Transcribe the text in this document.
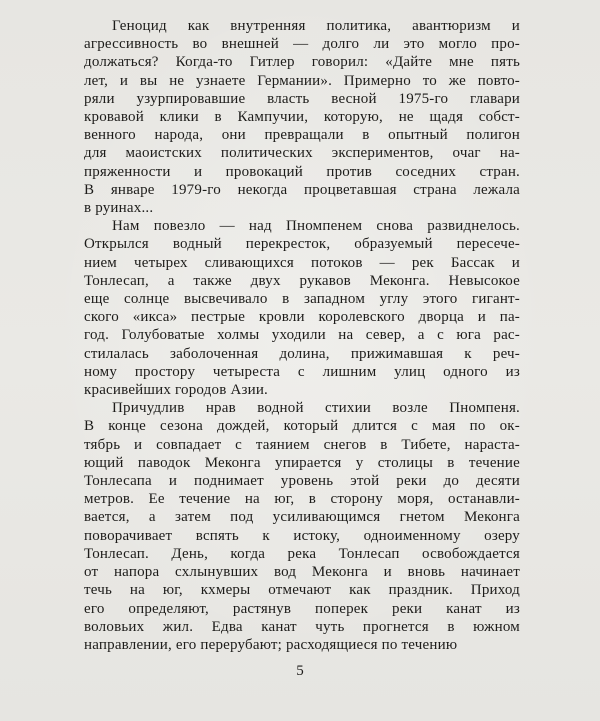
Геноцид как внутренняя политика, авантюризм и
агрессивность во внешней — долго ли это могло про-
должаться? Когда-то Гитлер говорил: «Дайте мне пять
лет, и вы не узнаете Германии». Примерно то же повто-
ряли узурпировавшие власть весной 1975-го главари
кровавой клики в Кампучии, которую, не щадя собст-
венного народа, они превращали в опытный полигон
для маоистских политических экспериментов, очаг на-
пряженности и провокаций против соседних стран.
В январе 1979-го некогда процветавшая страна лежала
в руинах...

Нам повезло — над Пномпенем снова развиднелось.
Открылся водный перекресток, образуемый пересече-
нием четырех сливающихся потоков — рек Бассак и
Тонлесап, а также двух рукавов Меконга. Невысокое
еще солнце высвечивало в западном углу этого гигант-
ского «икса» пестрые кровли королевского дворца и па-
год. Голубоватые холмы уходили на север, а с юга рас-
стилалась заболоченная долина, прижимавшая к реч-
ному простору четыреста с лишним улиц одного из
красивейших городов Азии.

Причудлив нрав водной стихии возле Пномпеня.
В конце сезона дождей, который длится с мая по ок-
тябрь и совпадает с таянием снегов в Тибете, нараста-
ющий паводок Меконга упирается у столицы в течение
Тонлесапа и поднимает уровень этой реки до десяти
метров. Ее течение на юг, в сторону моря, останавли-
вается, а затем под усиливающимся гнетом Меконга
поворачивает вспять к истоку, одноименному озеру
Тонлесап. День, когда река Тонлесап освобождается
от напора схлынувших вод Меконга и вновь начинает
течь на юг, кхмеры отмечают как праздник. Приход
его определяют, растянув поперек реки канат из
воловьих жил. Едва канат чуть прогнется в южном
направлении, его перерубают; расходящиеся по течению

5
